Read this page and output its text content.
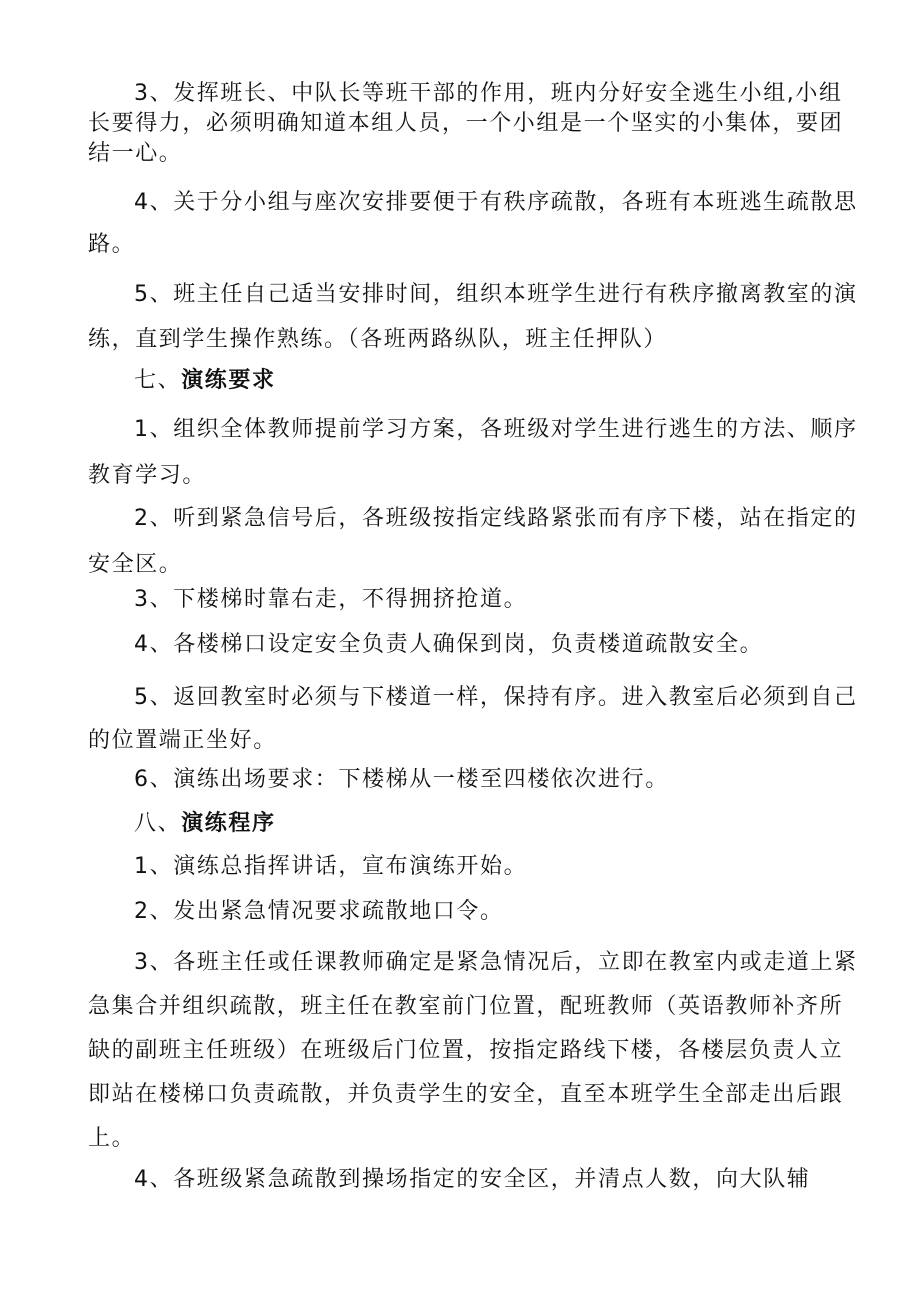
3、发挥班长、中队长等班干部的作用，班内分好安全逃生小组,小组
长要得力，必须明确知道本组人员，一个小组是一个坚实的小集体，要团
结一心。
4、关于分小组与座次安排要便于有秩序疏散，各班有本班逃生疏散思
路。
5、班主任自己适当安排时间，组织本班学生进行有秩序撤离教室的演
练，直到学生操作熟练。（各班两路纵队，班主任押队）
七、演练要求
1、组织全体教师提前学习方案，各班级对学生进行逃生的方法、顺序
教育学习。
2、听到紧急信号后，各班级按指定线路紧张而有序下楼，站在指定的
安全区。
3、下楼梯时靠右走，不得拥挤抢道。
4、各楼梯口设定安全负责人确保到岗，负责楼道疏散安全。
5、返回教室时必须与下楼道一样，保持有序。进入教室后必须到自己
的位置端正坐好。
6、演练出场要求：下楼梯从一楼至四楼依次进行。
八、演练程序
1、演练总指挥讲话，宣布演练开始。
2、发出紧急情况要求疏散地口令。
3、各班主任或任课教师确定是紧急情况后，立即在教室内或走道上紧
急集合并组织疏散，班主任在教室前门位置，配班教师（英语教师补齐所
缺的副班主任班级）在班级后门位置，按指定路线下楼，各楼层负责人立
即站在楼梯口负责疏散，并负责学生的安全，直至本班学生全部走出后跟
上。
4、各班级紧急疏散到操场指定的安全区，并清点人数，向大队辅
